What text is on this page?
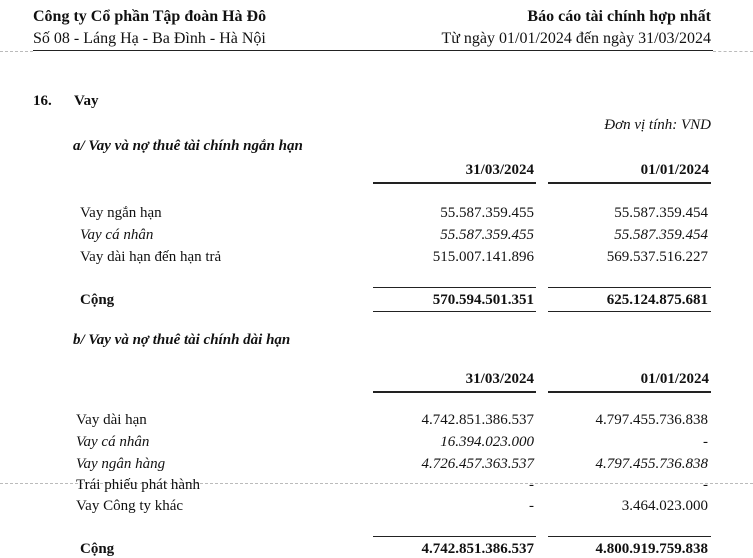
Công ty Cổ phần Tập đoàn Hà Đô
Số 08 - Láng Hạ - Ba Đình - Hà Nội
Báo cáo tài chính hợp nhất
Từ ngày 01/01/2024 đến ngày 31/03/2024
16. Vay
Đơn vị tính: VND
a/ Vay và nợ thuê tài chính ngắn hạn
31/03/2024	01/01/2024
Vay ngắn hạn	55.587.359.455	55.587.359.454
Vay cá nhân	55.587.359.455	55.587.359.454
Vay dài hạn đến hạn trả	515.007.141.896	569.537.516.227
Cộng	570.594.501.351	625.124.875.681
b/ Vay và nợ thuê tài chính dài hạn
31/03/2024	01/01/2024
Vay dài hạn	4.742.851.386.537	4.797.455.736.838
Vay cá nhân	16.394.023.000	-
Vay ngân hàng	4.726.457.363.537	4.797.455.736.838
Trái phiếu phát hành	-	-
Vay Công ty khác	-	3.464.023.000
Cộng	4.742.851.386.537	4.800.919.759.838
